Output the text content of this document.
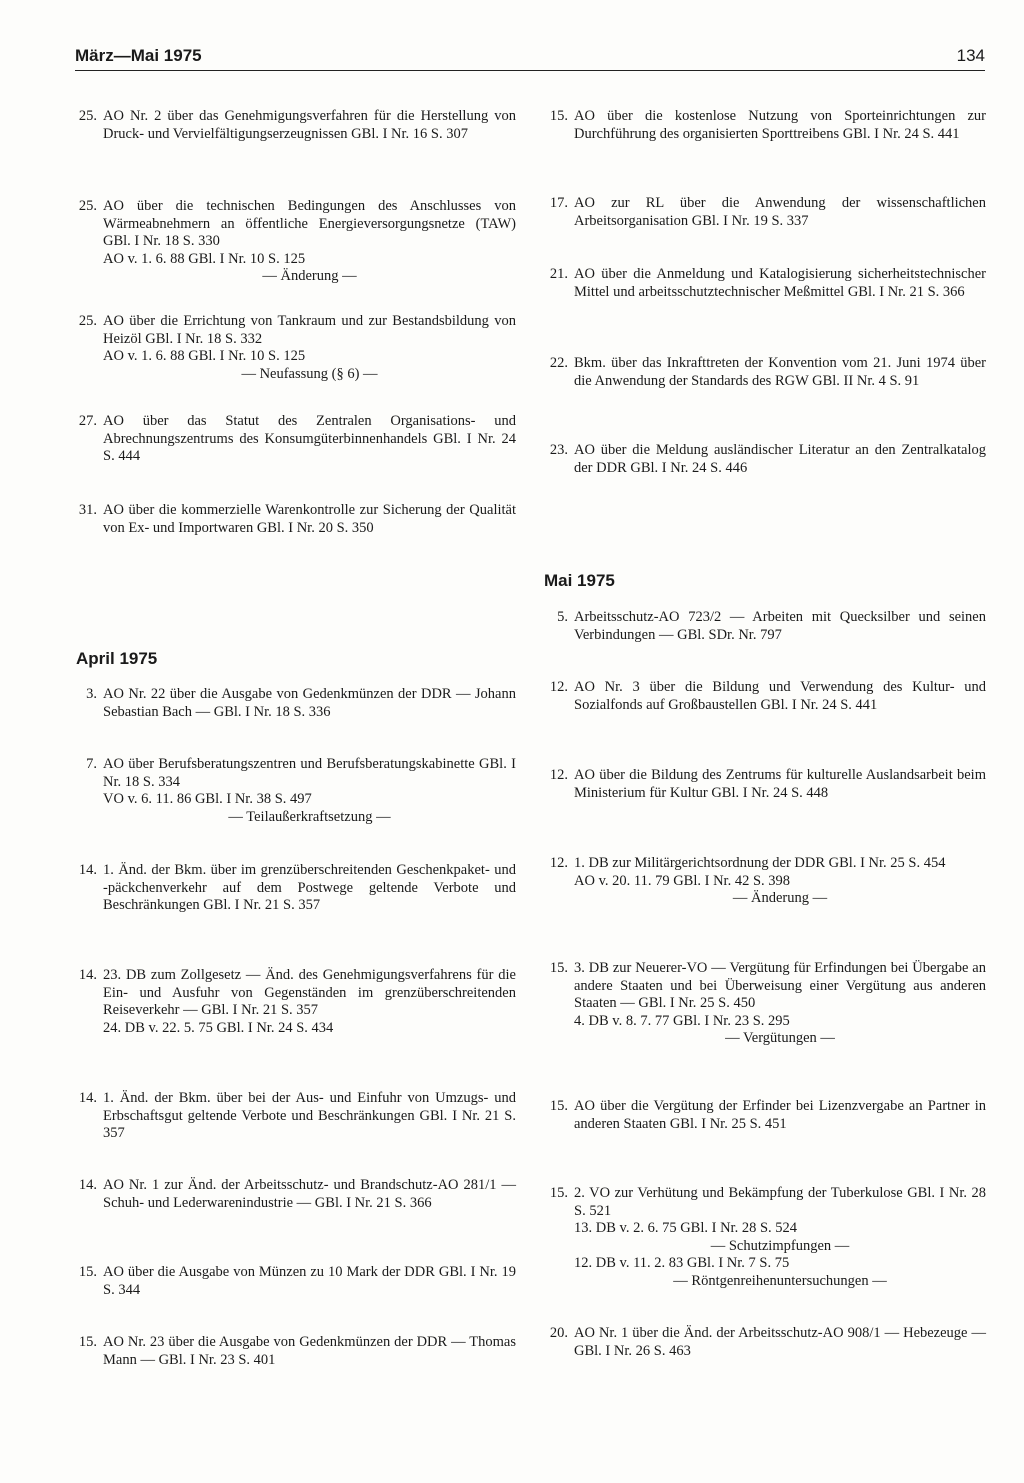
März—Mai 1975	134
25. AO Nr. 2 über das Genehmigungsverfahren für die Herstellung von Druck- und Vervielfältigungserzeugnissen GBl. I Nr. 16 S. 307
25. AO über die technischen Bedingungen des Anschlusses von Wärmeabnehmern an öffentliche Energieversorgungsnetze (TAW) GBl. I Nr. 18 S. 330
AO v. 1. 6. 88 GBl. I Nr. 10 S. 125
— Änderung —
25. AO über die Errichtung von Tankraum und zur Bestandsbildung von Heizöl GBl. I Nr. 18 S. 332
AO v. 1. 6. 88 GBl. I Nr. 10 S. 125
— Neufassung (§ 6) —
27. AO über das Statut des Zentralen Organisations- und Abrechnungszentrums des Konsumgüterbinnenhandels GBl. I Nr. 24 S. 444
31. AO über die kommerzielle Warenkontrolle zur Sicherung der Qualität von Ex- und Importwaren GBl. I Nr. 20 S. 350
April 1975
3. AO Nr. 22 über die Ausgabe von Gedenkmünzen der DDR — Johann Sebastian Bach — GBl. I Nr. 18 S. 336
7. AO über Berufsberatungszentren und Berufsberatungskabinette GBl. I Nr. 18 S. 334
VO v. 6. 11. 86 GBl. I Nr. 38 S. 497
— Teilaußerkraftsetzung —
14. 1. Änd. der Bkm. über im grenzüberschreitenden Geschenkpaket- und -päckchenverkehr auf dem Postwege geltende Verbote und Beschränkungen GBl. I Nr. 21 S. 357
14. 23. DB zum Zollgesetz — Änd. des Genehmigungsverfahrens für die Ein- und Ausfuhr von Gegenständen im grenzüberschreitenden Reiseverkehr — GBl. I Nr. 21 S. 357
24. DB v. 22. 5. 75 GBl. I Nr. 24 S. 434
14. 1. Änd. der Bkm. über bei der Aus- und Einfuhr von Umzugs- und Erbschaftsgut geltende Verbote und Beschränkungen GBl. I Nr. 21 S. 357
14. AO Nr. 1 zur Änd. der Arbeitsschutz- und Brandschutz-AO 281/1 — Schuh- und Lederwarenindustrie — GBl. I Nr. 21 S. 366
15. AO über die Ausgabe von Münzen zu 10 Mark der DDR GBl. I Nr. 19 S. 344
15. AO Nr. 23 über die Ausgabe von Gedenkmünzen der DDR — Thomas Mann — GBl. I Nr. 23 S. 401
15. AO über die kostenlose Nutzung von Sporteinrichtungen zur Durchführung des organisierten Sporttreibens GBl. I Nr. 24 S. 441
17. AO zur RL über die Anwendung der wissenschaftlichen Arbeitsorganisation GBl. I Nr. 19 S. 337
21. AO über die Anmeldung und Katalogisierung sicherheitstechnischer Mittel und arbeitsschutztechnischer Meßmittel GBl. I Nr. 21 S. 366
22. Bkm. über das Inkrafttreten der Konvention vom 21. Juni 1974 über die Anwendung der Standards des RGW GBl. II Nr. 4 S. 91
23. AO über die Meldung ausländischer Literatur an den Zentralkatalog der DDR GBl. I Nr. 24 S. 446
Mai 1975
5. Arbeitsschutz-AO 723/2 — Arbeiten mit Quecksilber und seinen Verbindungen — GBl. SDr. Nr. 797
12. AO Nr. 3 über die Bildung und Verwendung des Kultur- und Sozialfonds auf Großbaustellen GBl. I Nr. 24 S. 441
12. AO über die Bildung des Zentrums für kulturelle Auslandsarbeit beim Ministerium für Kultur GBl. I Nr. 24 S. 448
12. 1. DB zur Militärgerichtsordnung der DDR GBl. I Nr. 25 S. 454
AO v. 20. 11. 79 GBl. I Nr. 42 S. 398
— Änderung —
15. 3. DB zur Neuerer-VO — Vergütung für Erfindungen bei Übergabe an andere Staaten und bei Überweisung einer Vergütung aus anderen Staaten — GBl. I Nr. 25 S. 450
4. DB v. 8. 7. 77 GBl. I Nr. 23 S. 295
— Vergütungen —
15. AO über die Vergütung der Erfinder bei Lizenzvergabe an Partner in anderen Staaten GBl. I Nr. 25 S. 451
15. 2. VO zur Verhütung und Bekämpfung der Tuberkulose GBl. I Nr. 28 S. 521
13. DB v. 2. 6. 75 GBl. I Nr. 28 S. 524
— Schutzimpfungen —
12. DB v. 11. 2. 83 GBl. I Nr. 7 S. 75
— Röntgenreihenuntersuchungen —
20. AO Nr. 1 über die Änd. der Arbeitsschutz-AO 908/1 — Hebezeuge — GBl. I Nr. 26 S. 463
